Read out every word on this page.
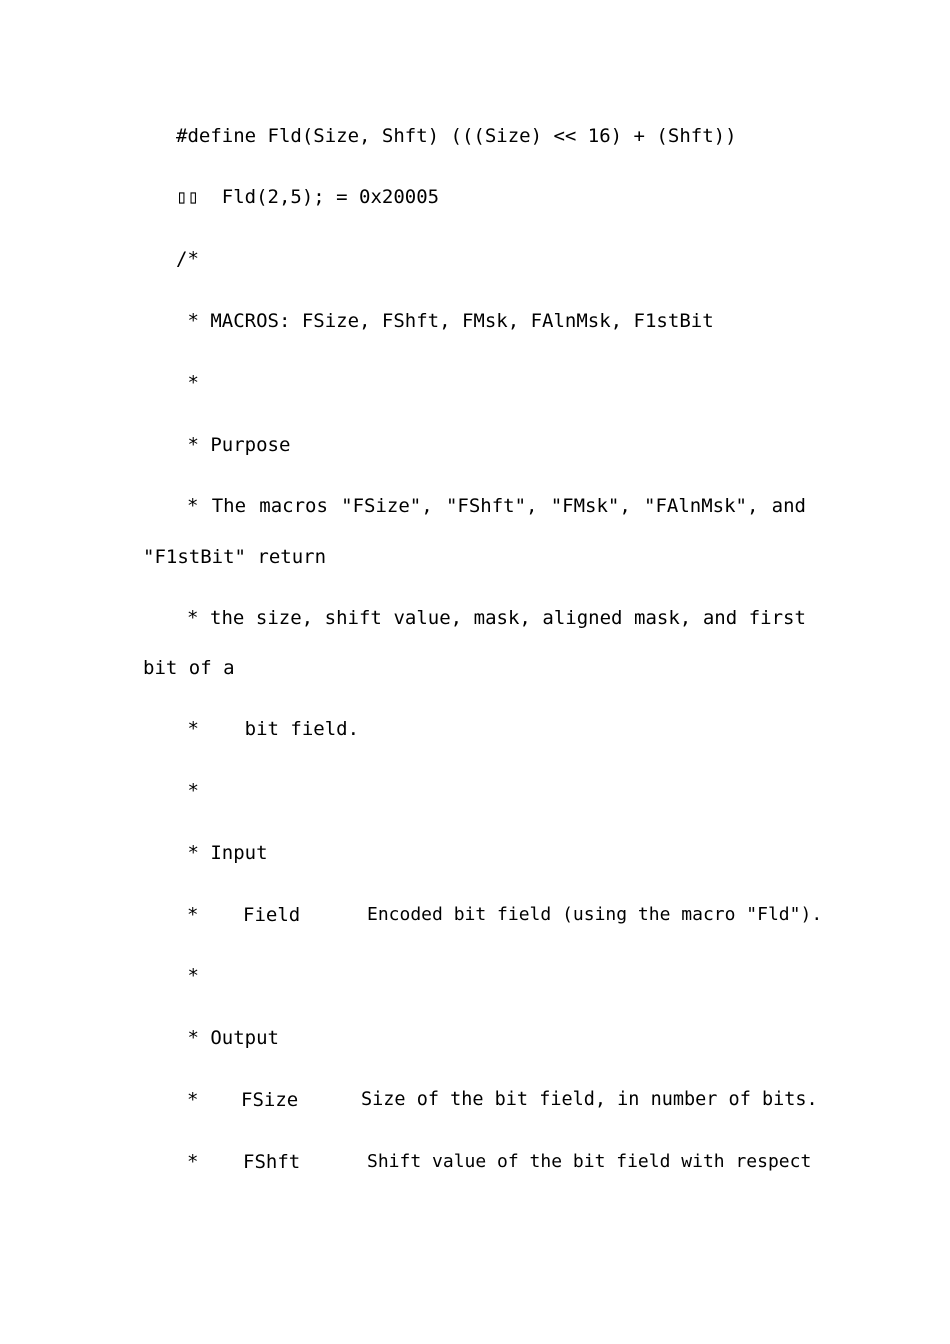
#define Fld(Size, Shft) (((Size) << 16) + (Shft))

▯▯  Fld(2,5); = 0x20005

/*

* MACROS: FSize, FShft, FMsk, FAlnMsk, F1stBit

*

* Purpose

* The macros "FSize", "FShft", "FMsk", "FAlnMsk", and

"F1stBit" return

* the size, shift value, mask, aligned mask, and first

bit of a

*    bit field.

*

* Input

* Field	Encoded bit field (using the macro "Fld").

*

* Output

* FSize	Size of the bit field, in number of bits.
* FShft	Shift value of the bit field with respect
